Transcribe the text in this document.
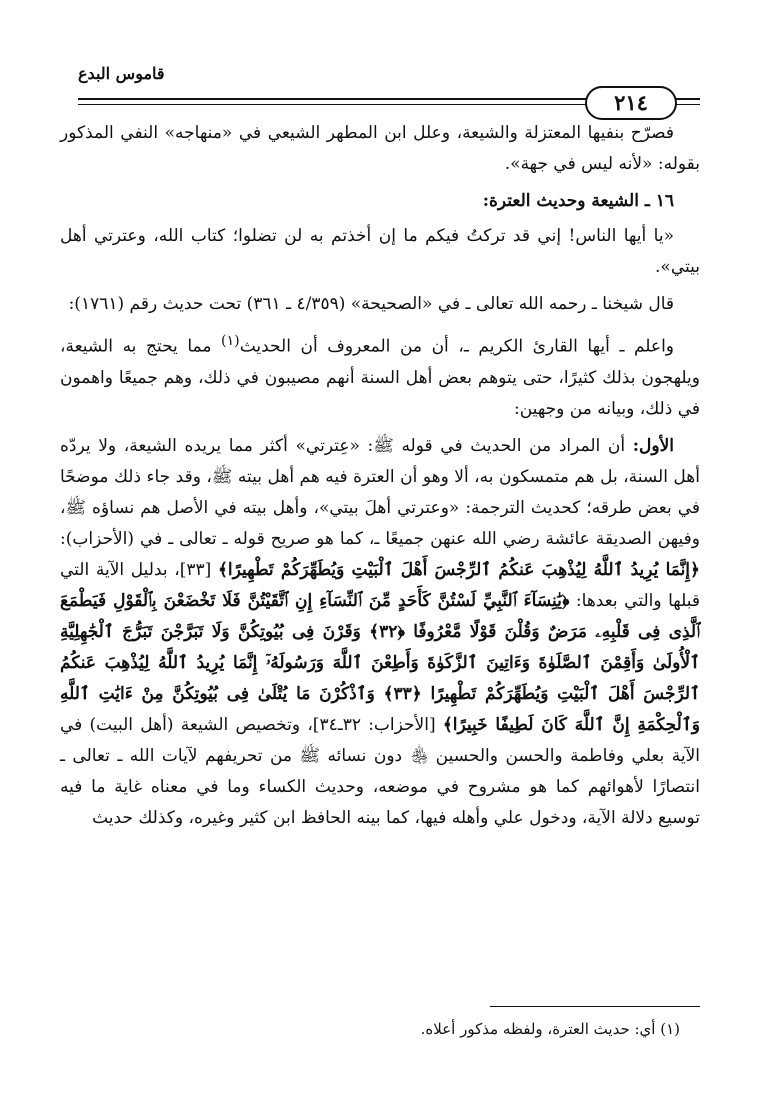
قاموس البدع
٢١٤

فصرّح بنفيها المعتزلة والشيعة، وعلل ابن المطهر الشيعي في «منهاجه» النفي المذكور بقوله: «لأنه ليس في جهة».

١٦ ـ الشيعة وحديث العترة:

«يا أيها الناس! إني قد تركتُ فيكم ما إن أخذتم به لن تضلوا؛ كتاب الله، وعترتي أهل بيتي».

قال شيخنا ـ رحمه الله تعالى ـ في «الصحيحة» (٤/٣٥٩ ـ ٣٦١) تحت حديث رقم (١٧٦١):

واعلم ـ أيها القارئ الكريم ـ، أن من المعروف أن الحديث$^{(١)}$ مما يحتج به الشيعة، ويلهجون بذلك كثيرًا، حتى يتوهم بعض أهل السنة أنهم مصيبون في ذلك، وهم جميعًا واهمون في ذلك، وبيانه من وجهين:

الأول: أن المراد من الحديث في قوله ﷺ: «عِترتي» أكثر مما يريده الشيعة، ولا يردّه أهل السنة، بل هم متمسكون به، ألا وهو أن العترة فيه هم أهل بيته ﷺ، وقد جاء ذلك موضحًا في بعض طرقه؛ كحديث الترجمة: «وعترتي أهلَ بيتي»، وأهل بيته في الأصل هم نساؤه ﷺ، وفيهن الصديقة عائشة رضي الله عنهن جميعًا ـ، كما هو صريح قوله ـ تعالى ـ في (الأحزاب): ﴿إِنَّمَا يُرِيدُ ٱللَّهُ لِيُذْهِبَ عَنكُمُ ٱلرِّجْسَ أَهْلَ ٱلْبَيْتِ وَيُطَهِّرَكُمْ تَطْهِيرًا﴾ [٣٣]، بدليل الآية التي قبلها والتي بعدها: ﴿يَٰنِسَآءَ ٱلنَّبِيِّ لَسْتُنَّ كَأَحَدٍ مِّنَ ٱلنِّسَآءِ إِنِ ٱتَّقَيْتُنَّ فَلَا تَخْضَعْنَ بِٱلْقَوْلِ فَيَطْمَعَ ٱلَّذِى فِى قَلْبِهِۦ مَرَضٌ وَقُلْنَ قَوْلًا مَّعْرُوفًا ﴿٣٢﴾ وَقَرْنَ فِى بُيُوتِكُنَّ وَلَا تَبَرَّجْنَ تَبَرُّجَ ٱلْجَٰهِلِيَّةِ ٱلْأُولَىٰ وَأَقِمْنَ ٱلصَّلَوٰةَ وَءَاتِينَ ٱلزَّكَوٰةَ وَأَطِعْنَ ٱللَّهَ وَرَسُولَهُۥٓ إِنَّمَا يُرِيدُ ٱللَّهُ لِيُذْهِبَ عَنكُمُ ٱلرِّجْسَ أَهْلَ ٱلْبَيْتِ وَيُطَهِّرَكُمْ تَطْهِيرًا ﴿٣٣﴾ وَٱذْكُرْنَ مَا يُتْلَىٰ فِى بُيُوتِكُنَّ مِنْ ءَايَٰتِ ٱللَّهِ وَٱلْحِكْمَةِ إِنَّ ٱللَّهَ كَانَ لَطِيفًا خَبِيرًا﴾ [الأحزاب: ٣٢ـ٣٤]، وتخصيص الشيعة (أهل البيت) في الآية بعلي وفاطمة والحسن والحسين ﵃ دون نسائه ﷺ من تحريفهم لآيات الله ـ تعالى ـ انتصارًا لأهوائهم كما هو مشروح في موضعه، وحديث الكساء وما في معناه غاية ما فيه توسيع دلالة الآية، ودخول علي وأهله فيها، كما بينه الحافظ ابن كثير وغيره، وكذلك حديث

(١) أي: حديث العترة، ولفظه مذكور أعلاه.
